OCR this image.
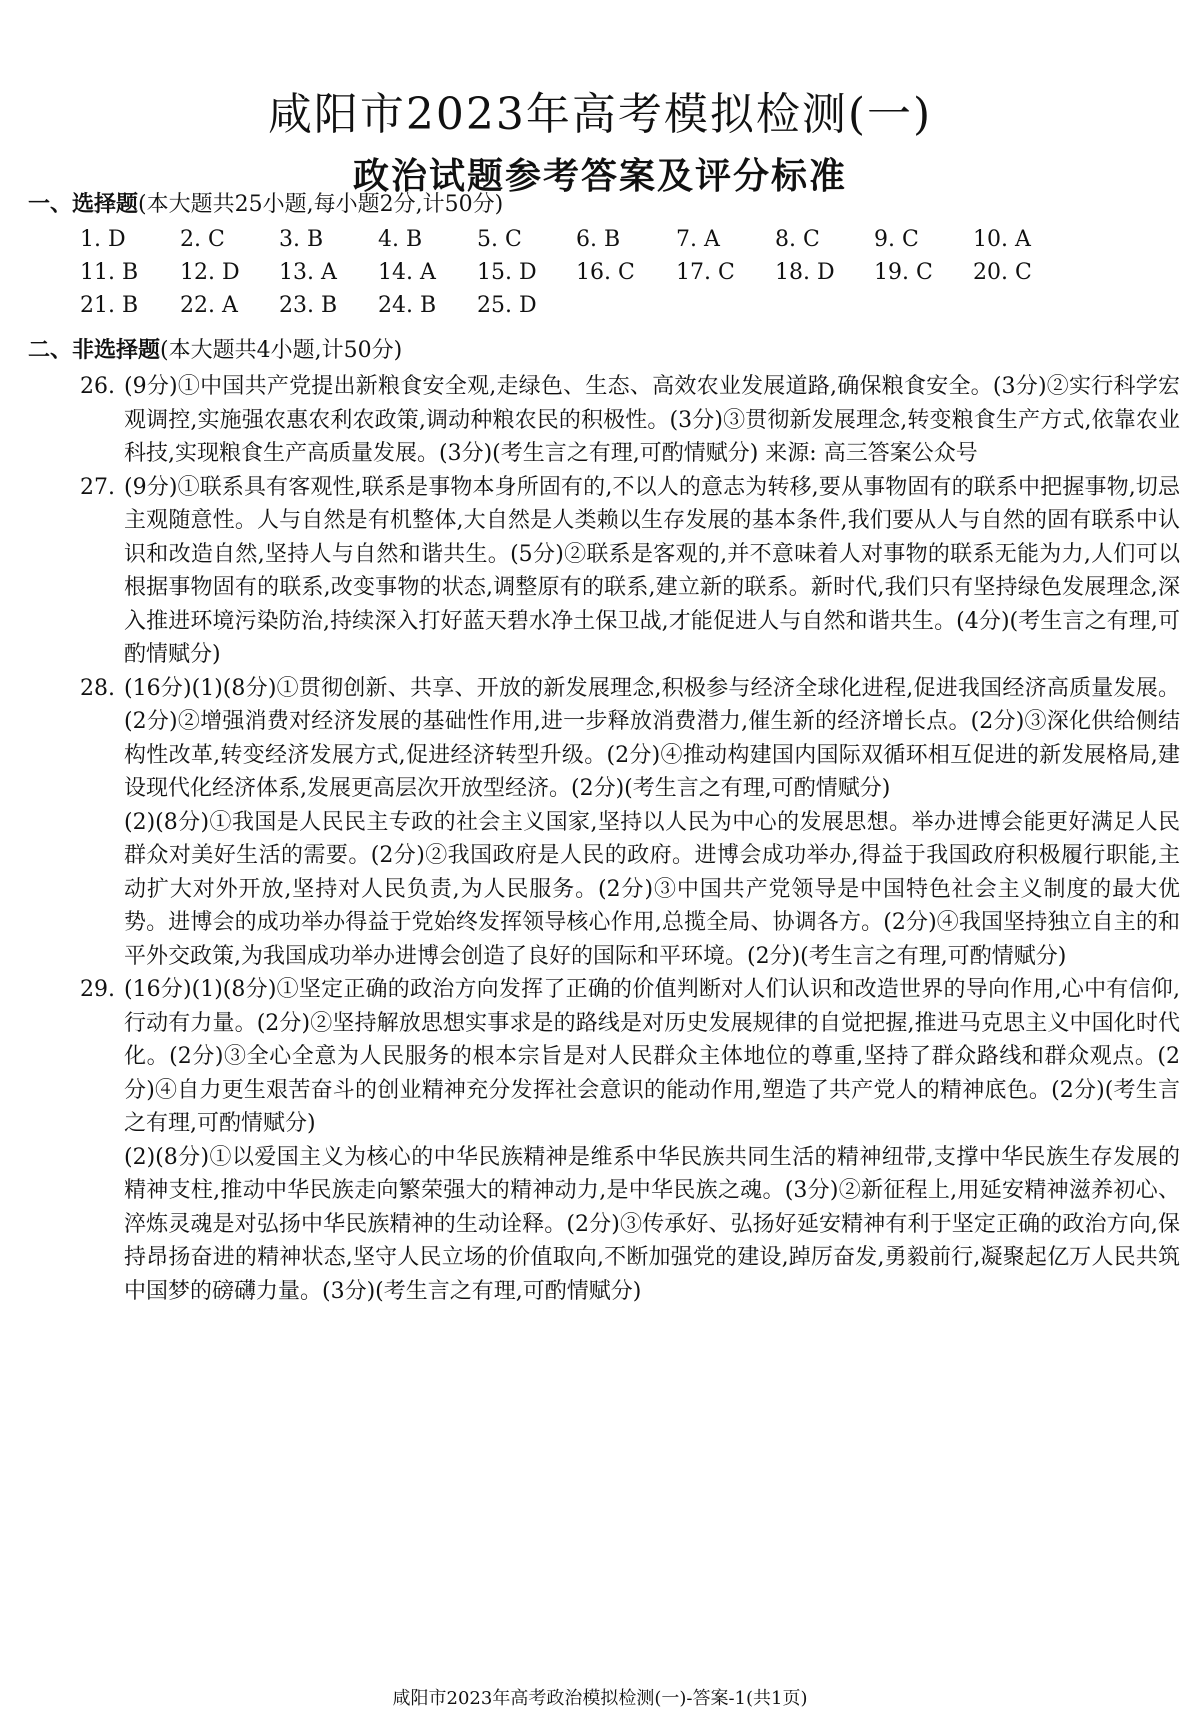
咸阳市2023年高考模拟检测(一)
政治试题参考答案及评分标准
一、选择题(本大题共25小题,每小题2分,计50分)
1. D 2. C 3. B 4. B 5. C 6. B	7. A	8. C 9. C 10. A
11. B 12. D 13. A 14. A 15. D 16. C 17. C 18. D 19. C 20. C
21. B 22. A 23. B 24. B 25. D
二、非选择题(本大题共4小题,计50分)
26. (9分)①中国共产党提出新粮食安全观,走绿色、生态、高效农业发展道路,确保粮食安全。(3分)②实行科学宏观调控,实施强农惠农利农政策,调动种粮农民的积极性。(3分)③贯彻新发展理念,转变粮食生产方式,依靠农业科技,实现粮食生产高质量发展。(3分)(考生言之有理,可酌情赋分) 来源: 高三答案公众号

27. (9分)①联系具有客观性,联系是事物本身所固有的,不以人的意志为转移,要从事物固有的联系中把握事物,切忌主观随意性。人与自然是有机整体,大自然是人类赖以生存发展的基本条件,我们要从人与自然的固有联系中认识和改造自然,坚持人与自然和谐共生。(5分)②联系是客观的,并不意味着人对事物的联系无能为力,人们可以根据事物固有的联系,改变事物的状态,调整原有的联系,建立新的联系。新时代,我们只有坚持绿色发展理念,深入推进环境污染防治,持续深入打好蓝天碧水净土保卫战,才能促进人与自然和谐共生。(4分)(考生言之有理,可酌情赋分)

28. (16分)(1)(8分)①贯彻创新、共享、开放的新发展理念,积极参与经济全球化进程,促进我国经济高质量发展。(2分)②增强消费对经济发展的基础性作用,进一步释放消费潜力,催生新的经济增长点。(2分)③深化供给侧结构性改革,转变经济发展方式,促进经济转型升级。(2分)④推动构建国内国际双循环相互促进的新发展格局,建设现代化经济体系,发展更高层次开放型经济。(2分)(考生言之有理,可酌情赋分)

(2)(8分)①我国是人民民主专政的社会主义国家,坚持以人民为中心的发展思想。举办进博会能更好满足人民群众对美好生活的需要。(2分)②我国政府是人民的政府。进博会成功举办,得益于我国政府积极履行职能,主动扩大对外开放,坚持对人民负责,为人民服务。(2分)③中国共产党领导是中国特色社会主义制度的最大优势。进博会的成功举办得益于党始终发挥领导核心作用,总揽全局、协调各方。(2分)④我国坚持独立自主的和平外交政策,为我国成功举办进博会创造了良好的国际和平环境。(2分)(考生言之有理,可酌情赋分)

29. (16分)(1)(8分)①坚定正确的政治方向发挥了正确的价值判断对人们认识和改造世界的导向作用,心中有信仰,行动有力量。(2分)②坚持解放思想实事求是的路线是对历史发展规律的自觉把握,推进马克思主义中国化时代化。(2分)③全心全意为人民服务的根本宗旨是对人民群众主体地位的尊重,坚持了群众路线和群众观点。(2分)④自力更生艰苦奋斗的创业精神充分发挥社会意识的能动作用,塑造了共产党人的精神底色。(2分)(考生言之有理,可酌情赋分)

(2)(8分)①以爱国主义为核心的中华民族精神是维系中华民族共同生活的精神纽带,支撑中华民族生存发展的精神支柱,推动中华民族走向繁荣强大的精神动力,是中华民族之魂。(3分)②新征程上,用延安精神滋养初心、淬炼灵魂是对弘扬中华民族精神的生动诠释。(2分)③传承好、弘扬好延安精神有利于坚定正确的政治方向,保持昂扬奋进的精神状态,坚守人民立场的价值取向,不断加强党的建设,踔厉奋发,勇毅前行,凝聚起亿万人民共筑中国梦的磅礴力量。(3分)(考生言之有理,可酌情赋分)

咸阳市2023年高考政治模拟检测(一)-答案-1(共1页)
